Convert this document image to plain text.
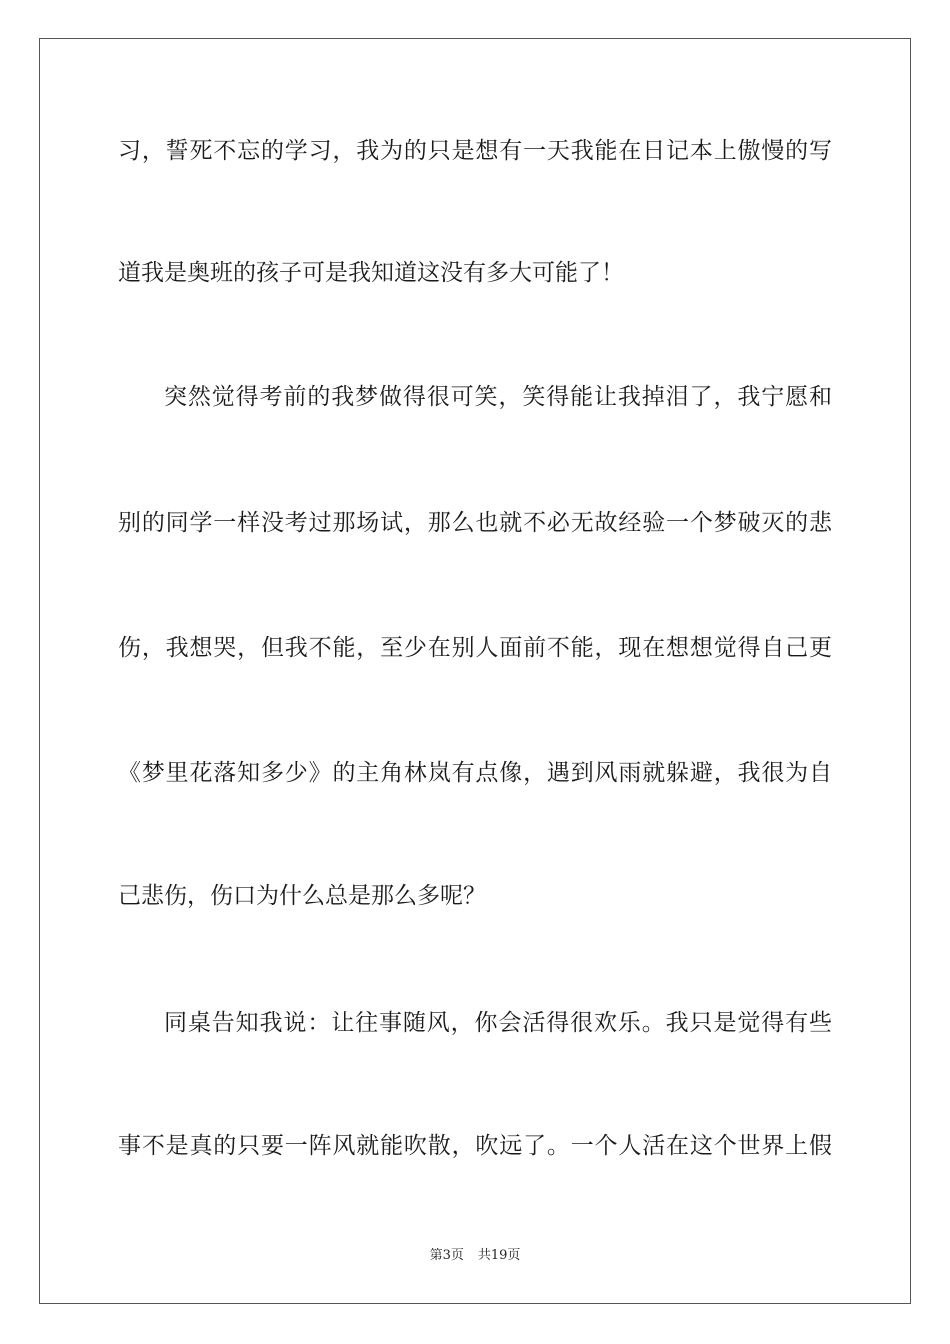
习，誓死不忘的学习，我为的只是想有一天我能在日记本上傲慢的写
道我是奥班的孩子可是我知道这没有多大可能了！
突然觉得考前的我梦做得很可笑，笑得能让我掉泪了，我宁愿和
别的同学一样没考过那场试，那么也就不必无故经验一个梦破灭的悲
伤，我想哭，但我不能，至少在别人面前不能，现在想想觉得自己更
《梦里花落知多少》的主角林岚有点像，遇到风雨就躲避，我很为自
己悲伤，伤口为什么总是那么多呢？
同桌告知我说：让往事随风，你会活得很欢乐。我只是觉得有些
事不是真的只要一阵风就能吹散，吹远了。一个人活在这个世界上假
第3页 共19页
